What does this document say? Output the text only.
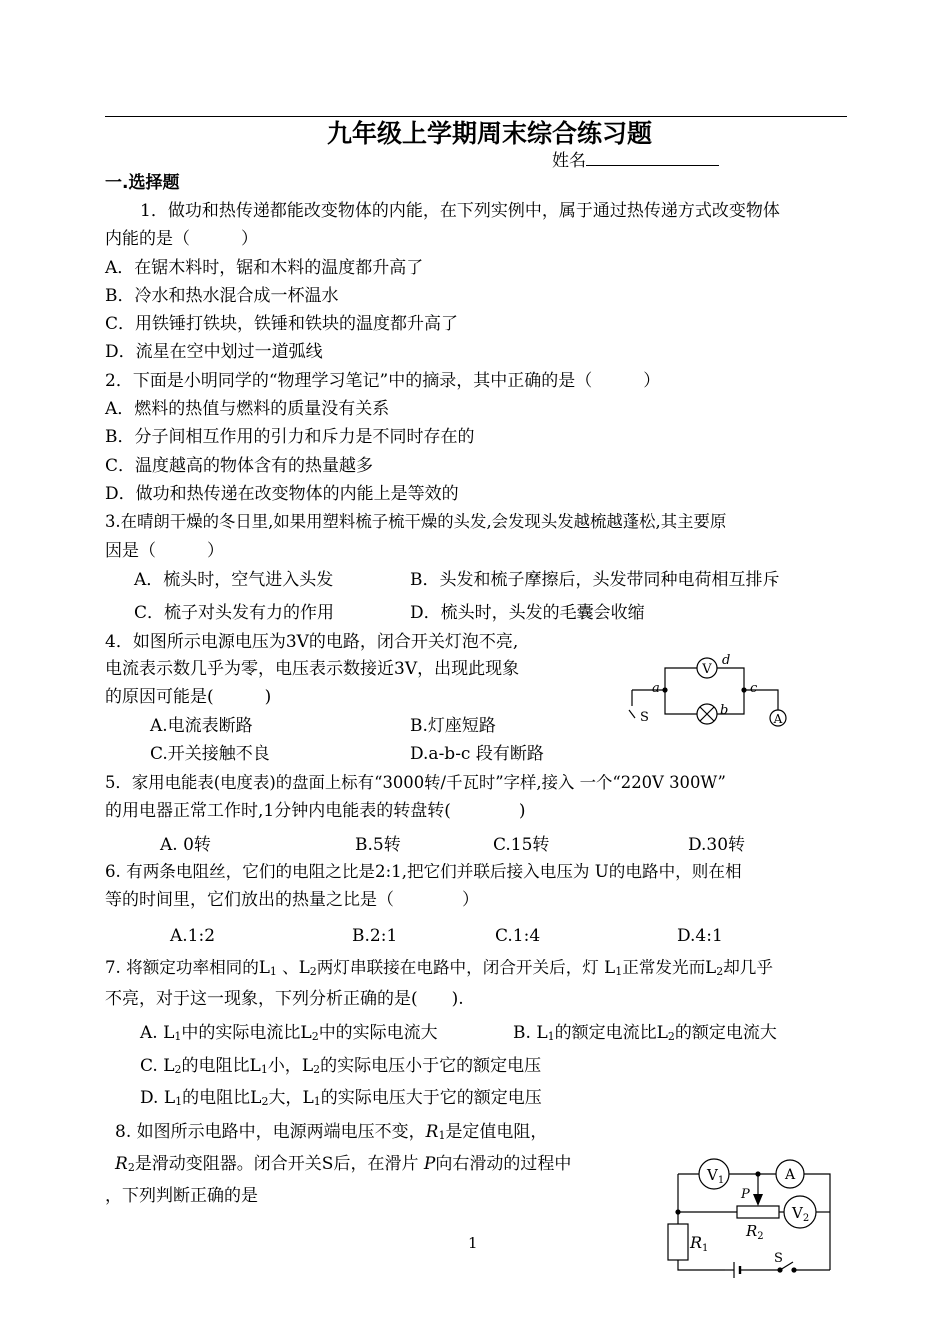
九年级上学期周末综合练习题
姓名
一.选择题
1．做功和热传递都能改变物体的内能，在下列实例中，属于通过热传递方式改变物体
内能的是（　　　）
A．在锯木料时，锯和木料的温度都升高了
B．冷水和热水混合成一杯温水
C．用铁锤打铁块，铁锤和铁块的温度都升高了
D．流星在空中划过一道弧线
2．下面是小明同学的“物理学习笔记”中的摘录，其中正确的是（　　　）
A．燃料的热值与燃料的质量没有关系
B．分子间相互作用的引力和斥力是不同时存在的
C．温度越高的物体含有的热量越多
D．做功和热传递在改变物体的内能上是等效的
3.在晴朗干燥的冬日里,如果用塑料梳子梳干燥的头发,会发现头发越梳越蓬松,其主要原
因是（　　　）
A．梳头时，空气进入头发	B．头发和梳子摩擦后，头发带同种电荷相互排斥
C．梳子对头发有力的作用	D．梳头时，头发的毛囊会收缩
4．如图所示电源电压为3V的电路，闭合开关灯泡不亮,
电流表示数几乎为零，电压表示数接近3V，出现此现象
的原因可能是(　　　)
A.电流表断路	B.灯座短路
C.开关接触不良	D.a-b-c 段有断路
V
A
S
a
b
c
d
5．家用电能表(电度表)的盘面上标有“3000转/千瓦时”字样,接入 一个“220V 300W”
的用电器正常工作时,1分钟内电能表的转盘转(　　　　)
A. 0转	B.5转	C.15转	D.30转
6. 有两条电阻丝，它们的电阻之比是2:1,把它们并联后接入电压为 U的电路中，则在相
等的时间里，它们放出的热量之比是（　　　　）
A.1:2	B.2:1	C.1:4	D.4:1
7. 将额定功率相同的$L_1$ 、$L_2$两灯串联接在电路中，闭合开关后，灯 $L_1$正常发光而$L_2$却几乎
不亮，对于这一现象，下列分析正确的是(　　).
A. $L_1$中的实际电流比$L_2$中的实际电流大	B. $L_1$的额定电流比$L_2$的额定电流大
C. $L_2$的电阻比$L_1$小，$L_2$的实际电压小于它的额定电压
D. $L_1$的电阻比$L_2$大，$L_1$的实际电压大于它的额定电压
8. 如图所示电路中，电源两端电压不变，$R_1$是定值电阻，
$R_2$是滑动变阻器。闭合开关S后，在滑片 P向右滑动的过程中
，下列判断正确的是
$V_1$	A
$V_2$
P
$R_2$
R1
S
1
